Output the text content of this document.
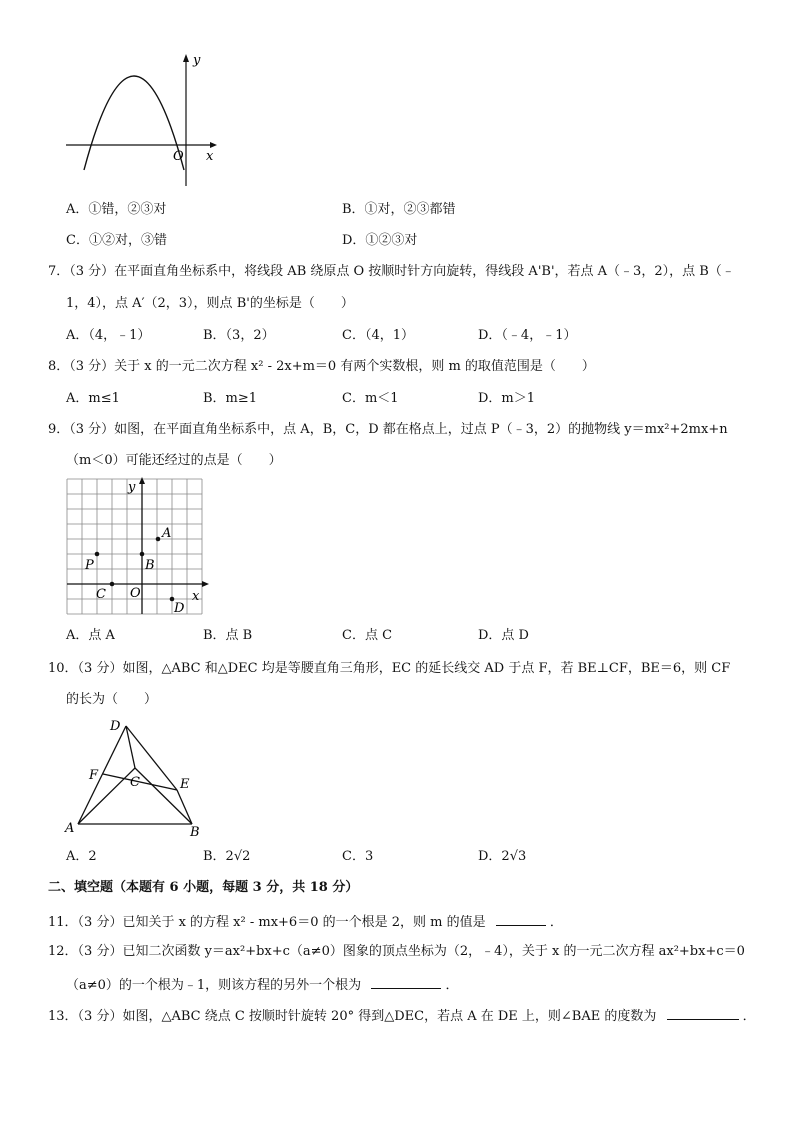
y
O x
A．①错，②③对	B．①对，②③都错
C．①②对，③错	D．①②③对
7．（3 分）在平面直角坐标系中，将线段 AB 绕原点 O 按顺时针方向旋转，得线段 A'B'，若点 A（﹣3，2），点 B（﹣
1，4），点 A′（2，3），则点 B'的坐标是（　　）
A．（4，﹣1）	B．（3，2）	C．（4，1）	D．（﹣4，﹣1）
8．（3 分）关于 x 的一元二次方程 x² - 2x+m＝0 有两个实数根，则 m 的取值范围是（　　）
A．m≤1	B．m≥1	C．m＜1	D．m＞1
9．（3 分）如图，在平面直角坐标系中，点 A，B，C，D 都在格点上，过点 P（﹣3，2）的抛物线 y＝mx²+2mx+n
（m＜0）可能还经过的点是（　　）
y
x
O
A
B
P
C
D
A．点 A	B．点 B	C．点 C	D．点 D
10．（3 分）如图，△ABC 和△DEC 均是等腰直角三角形，EC 的延长线交 AD 于点 F，若 BE⊥CF，BE＝6，则 CF
的长为（　　）
D
E
F C
A	B
A．2	B．2√2	C．3	D．2√3
二、填空题（本题有 6 小题，每题 3 分，共 18 分）
11．（3 分）已知关于 x 的方程 x² - mx+6＝0 的一个根是 2，则 m 的值是	．
12．（3 分）已知二次函数 y＝ax²+bx+c（a≠0）图象的顶点坐标为（2，﹣4），关于 x 的一元二次方程 ax²+bx+c＝0
（a≠0）的一个根为﹣1，则该方程的另外一个根为	．
13．（3 分）如图，△ABC 绕点 C 按顺时针旋转 20° 得到△DEC，若点 A 在 DE 上，则∠BAE 的度数为	．
